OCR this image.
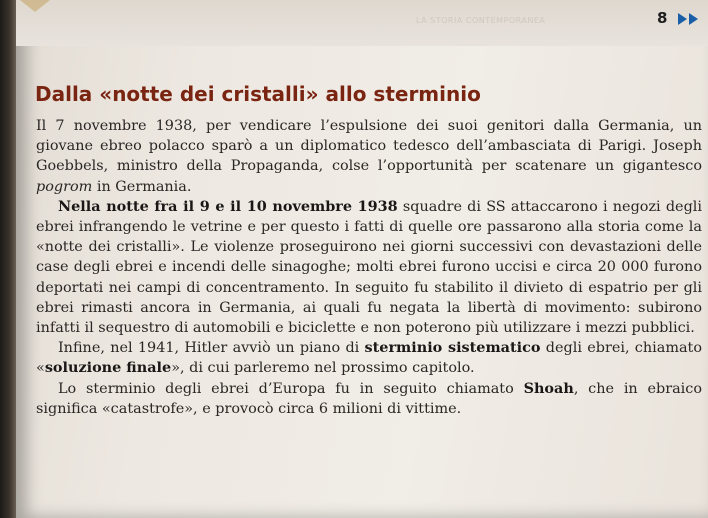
LA STORIA CONTEMPORANEA	8
Dalla «notte dei cristalli» allo sterminio

Il 7 novembre 1938, per vendicare l’espulsione dei suoi genitori dalla Germania, un giovane ebreo polacco sparò a un diplomatico tedesco dell’ambasciata di Parigi. Joseph Goebbels, ministro della Propaganda, colse l’opportunità per scatenare un gigantesco pogrom in Germania.

Nella notte fra il 9 e il 10 novembre 1938 squadre di SS attaccarono i negozi degli ebrei infrangendo le vetrine e per questo i fatti di quelle ore passarono alla storia come la «notte dei cristalli». Le violenze proseguirono nei giorni successivi con devastazioni delle case degli ebrei e incendi delle sinagoghe; molti ebrei furono uccisi e circa 20 000 furono deportati nei campi di concentramento. In seguito fu stabilito il divieto di espatrio per gli ebrei rimasti ancora in Germania, ai quali fu negata la libertà di movimento: subirono infatti il sequestro di automobili e biciclette e non poterono più utilizzare i mezzi pubblici.

Infine, nel 1941, Hitler avviò un piano di sterminio sistematico degli ebrei, chiamato «soluzione finale», di cui parleremo nel prossimo capitolo.

Lo sterminio degli ebrei d’Europa fu in seguito chiamato Shoah, che in ebraico significa «catastrofe», e provocò circa 6 milioni di vittime.
